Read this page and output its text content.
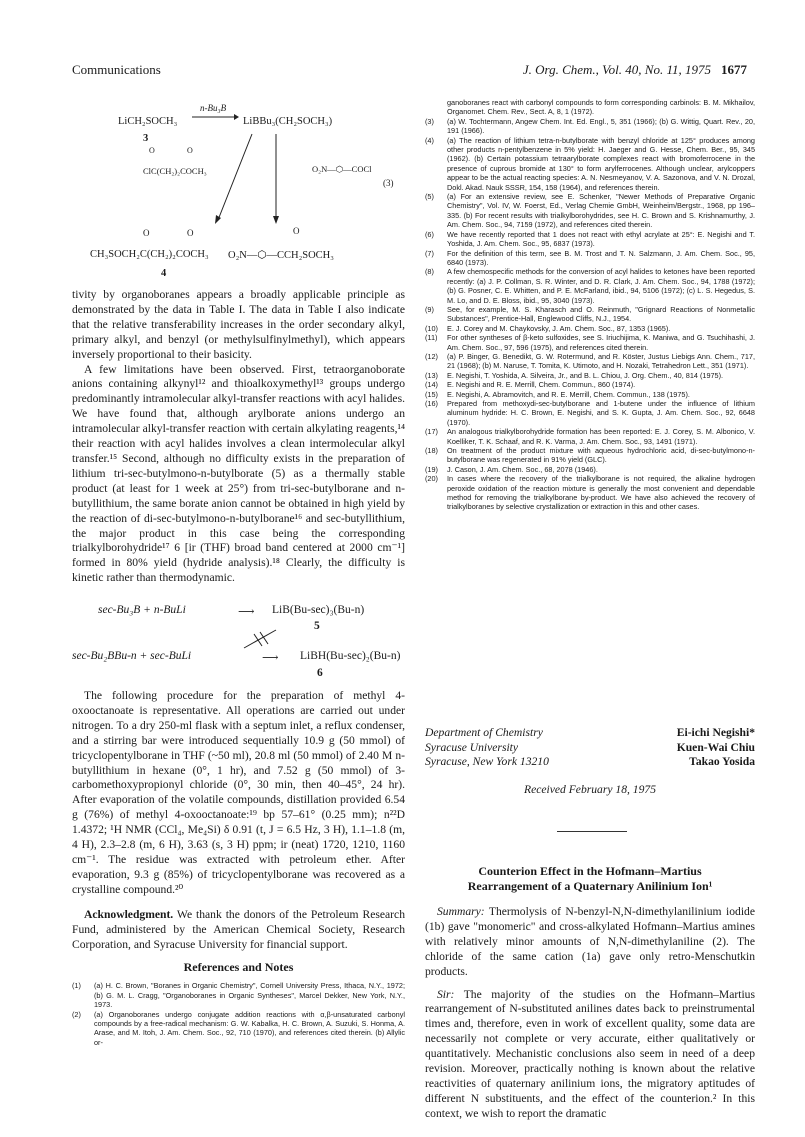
Communications	J. Org. Chem., Vol. 40, No. 11, 1975 1677
LiCH₂SOCH₃
n-Bu₃B
LiBBu₃(CH₂SOCH₃)
3
O	O
ClC(CH₂)₂COCH₃	O₂N—⬡—COCl
(3)
O	O	O
CH₃SOCH₂C(CH₂)₂COCH₃ O₂N—⬡—CCH₂SOCH₃
4

tivity by organoboranes appears a broadly applicable principle as demonstrated by the data in Table I. The data in Table I also indicate that the relative transferability increases in the order secondary alkyl, primary alkyl, and benzyl (or methylsulfinylmethyl), which appears inversely proportional to their basicity.

A few limitations have been observed. First, tetraorganoborate anions containing alkynyl¹² and thioalkoxymethyl¹³ groups undergo predominantly intramolecular alkyl-transfer reactions with acyl halides. We have found that, although arylborate anions undergo an intramolecular alkyl-transfer reaction with certain alkylating reagents,¹⁴ their reaction with acyl halides involves a clean intermolecular alkyl transfer.¹⁵ Second, although no difficulty exists in the preparation of lithium tri-sec-butylmono-n-butylborate (5) as a thermally stable product (at least for 1 week at 25°) from tri-sec-butylborane and n-butyllithium, the same borate anion cannot be obtained in high yield by the reaction of di-sec-butylmono-n-butylborane¹⁶ and sec-butyllithium, the major product in this case being the corresponding trialkylborohydride¹⁷ 6 [ir (THF) broad band centered at 2000 cm⁻¹] formed in 80% yield (hydride analysis).¹⁸ Clearly, the difficulty is kinetic rather than thermodynamic.

sec-Bu₃B + n-BuLi	⟶ LiB(Bu-sec)₃(Bu-n)
5
sec-Bu₂BBu-n + sec-BuLi	⟶ LiBH(Bu-sec)₂(Bu-n)
6

The following procedure for the preparation of methyl 4-oxooctanoate is representative. All operations are carried out under nitrogen. To a dry 250-ml flask with a septum inlet, a reflux condenser, and a stirring bar were introduced sequentially 10.9 g (50 mmol) of tricyclopentylborane in THF (~50 ml), 20.8 ml (50 mmol) of 2.40 M n-butyllithium in hexane (0°, 1 hr), and 7.52 g (50 mmol) of 3-carbomethoxypropionyl chloride (0°, 30 min, then 40–45°, 24 hr). After evaporation of the volatile compounds, distillation provided 6.54 g (76%) of methyl 4-oxooctanoate:¹⁹ bp 57–61° (0.25 mm); n²²D 1.4372; ¹H NMR (CCl₄, Me₄Si) δ 0.91 (t, J = 6.5 Hz, 3 H), 1.1–1.8 (m, 4 H), 2.3–2.8 (m, 6 H), 3.63 (s, 3 H) ppm; ir (neat) 1720, 1210, 1160 cm⁻¹. The residue was extracted with petroleum ether. After evaporation, 9.3 g (85%) of tricyclopentylborane was recovered as a crystalline compound.²⁰

Acknowledgment. We thank the donors of the Petroleum Research Fund, administered by the American Chemical Society, Research Corporation, and Syracuse University for financial support.

References and Notes
(1) (a) H. C. Brown, "Boranes in Organic Chemistry", Cornell University Press, Ithaca, N.Y., 1972; (b) G. M. L. Cragg, "Organoboranes in Organic Syntheses", Marcel Dekker, New York, N.Y., 1973.
(2) (a) Organoboranes undergo conjugate addition reactions with α,β-unsaturated carbonyl compounds by a free-radical mechanism: G. W. Kabalka, H. C. Brown, A. Suzuki, S. Honma, A. Arase, and M. Itoh, J. Am. Chem. Soc., 92, 710 (1970), and references cited therein. (b) Allylic or-
ganoboranes react with carbonyl compounds to form corresponding carbinols: B. M. Mikhailov, Organomet. Chem. Rev., Sect. A, 8, 1 (1972).
(3) (a) W. Tochtermann, Angew Chem. Int. Ed. Engl., 5, 351 (1966); (b) G. Wittig, Quart. Rev., 20, 191 (1966).
(4) (a) The reaction of lithium tetra-n-butylborate with benzyl chloride at 125° produces among other products n-pentylbenzene in 5% yield: H. Jaeger and G. Hesse, Chem. Ber., 95, 345 (1962). (b) Certain potassium tetraarylborate complexes react with bromoferrocene in the presence of cuprous bromide at 130° to form arylferrocenes. Although unclear, arylcoppers appear to be the actual reacting species: A. N. Nesmeyanov, V. A. Sazonova, and V. N. Drozal, Dokl. Akad. Nauk SSSR, 154, 158 (1964), and references therein.
(5) (a) For an extensive review, see E. Schenker, "Newer Methods of Preparative Organic Chemistry", Vol. IV, W. Foerst, Ed., Verlag Chemie GmbH, Weinheim/Bergstr., 1968, pp 196–335. (b) For recent results with trialkylborohydrides, see H. C. Brown and S. Krishnamurthy, J. Am. Chem. Soc., 94, 7159 (1972), and references cited therein.
(6) We have recently reported that 1 does not react with ethyl acrylate at 25°: E. Negishi and T. Yoshida, J. Am. Chem. Soc., 95, 6837 (1973).
(7) For the definition of this term, see B. M. Trost and T. N. Salzmann, J. Am. Chem. Soc., 95, 6840 (1973).
(8) A few chemospecific methods for the conversion of acyl halides to ketones have been reported recently: (a) J. P. Collman, S. R. Winter, and D. R. Clark, J. Am. Chem. Soc., 94, 1788 (1972); (b) G. Posner, C. E. Whitten, and P. E. McFarland, ibid., 94, 5106 (1972); (c) L. S. Hegedus, S. M. Lo, and D. E. Bloss, ibid., 95, 3040 (1973).
(9) See, for example, M. S. Kharasch and O. Reinmuth, "Grignard Reactions of Nonmetallic Substances", Prentice-Hall, Englewood Cliffs, N.J., 1954.
(10) E. J. Corey and M. Chaykovsky, J. Am. Chem. Soc., 87, 1353 (1965).
(11) For other syntheses of β-keto sulfoxides, see S. Iriuchijima, K. Maniwa, and G. Tsuchihashi, J. Am. Chem. Soc., 97, 596 (1975), and references cited therein.
(12) (a) P. Binger, G. Benedikt, G. W. Rotermund, and R. Köster, Justus Liebigs Ann. Chem., 717, 21 (1968); (b) M. Naruse, T. Tomita, K. Utimoto, and H. Nozaki, Tetrahedron Lett., 351 (1971).
(13) E. Negishi, T. Yoshida, A. Silveira, Jr., and B. L. Chiou, J. Org. Chem., 40, 814 (1975).
(14) E. Negishi and R. E. Merrill, Chem. Commun., 860 (1974).
(15) E. Negishi, A. Abramovitch, and R. E. Merrill, Chem. Commun., 138 (1975).
(16) Prepared from methoxydi-sec-butylborane and 1-butene under the influence of lithium aluminum hydride: H. C. Brown, E. Negishi, and S. K. Gupta, J. Am. Chem. Soc., 92, 6648 (1970).
(17) An analogous trialkylborohydride formation has been reported: E. J. Corey, S. M. Albonico, V. Koelliker, T. K. Schaaf, and R. K. Varma, J. Am. Chem. Soc., 93, 1491 (1971).
(18) On treatment of the product mixture with aqueous hydrochloric acid, di-sec-butylmono-n-butylborane was regenerated in 91% yield (GLC).
(19) J. Cason, J. Am. Chem. Soc., 68, 2078 (1946).
(20) In cases where the recovery of the trialkylborane is not required, the alkaline hydrogen peroxide oxidation of the reaction mixture is generally the most convenient and dependable method for removing the trialkylborane by-product. We have also achieved the recovery of trialkylboranes by selective crystallization or extraction in this and other cases.
Department of Chemistry	Ei-ichi Negishi*
Syracuse University	Kuen-Wai Chiu
Syracuse, New York 13210	Takao Yosida
Received February 18, 1975
Counterion Effect in the Hofmann–Martius Rearrangement of a Quaternary Anilinium Ion¹

Summary: Thermolysis of N-benzyl-N,N-dimethylanilinium iodide (1b) gave "monomeric" and cross-alkylated Hofmann–Martius amines with relatively minor amounts of N,N-dimethylaniline (2). The chloride of the same cation (1a) gave only retro-Menschutkin products.

Sir: The majority of the studies on the Hofmann–Martius rearrangement of N-substituted anilines dates back to preinstrumental times and, therefore, even in work of excellent quality, some data are necessarily not complete or very accurate, either qualitatively or quantitatively. Mechanistic conclusions also seem in need of a deep revision. Moreover, practically nothing is known about the relative reactivities of quaternary anilinium ions, the migratory aptitudes of different N substituents, and the effect of the counterion.² In this context, we wish to report the dramatic
